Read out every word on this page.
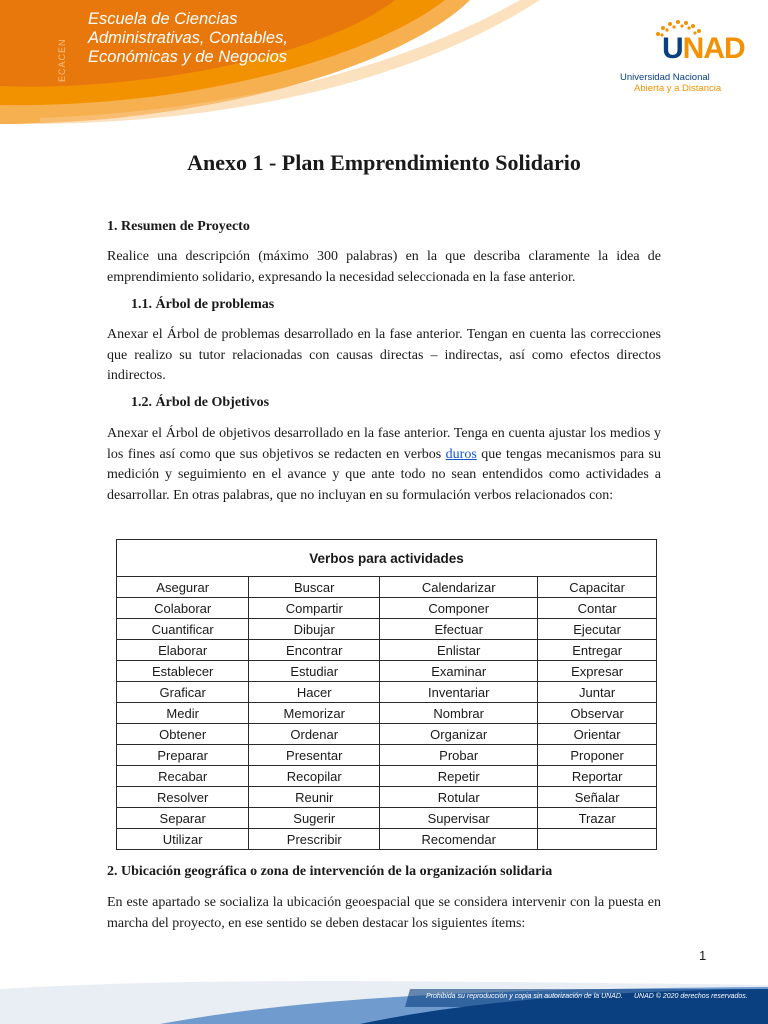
ECACEN
Escuela de Ciencias
Administrativas, Contables,
Económicas y de Negocios	UNAD
Universidad Nacional
Abierta y a Distancia
Anexo 1 - Plan Emprendimiento Solidario
1. Resumen de Proyecto
Realice una descripción (máximo 300 palabras) en la que describa claramente la idea de emprendimiento solidario, expresando la necesidad seleccionada en la fase anterior.
1.1. Árbol de problemas
Anexar el Árbol de problemas desarrollado en la fase anterior. Tengan en cuenta las correcciones que realizo su tutor relacionadas con causas directas – indirectas, así como efectos directos indirectos.
1.2. Árbol de Objetivos
Anexar el Árbol de objetivos desarrollado en la fase anterior. Tenga en cuenta ajustar los medios y los fines así como que sus objetivos se redacten en verbos duros que tengas mecanismos para su medición y seguimiento en el avance y que ante todo no sean entendidos como actividades a desarrollar. En otras palabras, que no incluyan en su formulación verbos relacionados con:
Verbos para actividades			
Asegurar	Buscar	Calendarizar	Capacitar
Colaborar	Compartir	Componer	Contar
Cuantificar	Dibujar	Efectuar	Ejecutar
Elaborar	Encontrar	Enlistar	Entregar
Establecer	Estudiar	Examinar	Expresar
Graficar	Hacer	Inventariar	Juntar
Medir	Memorizar	Nombrar	Observar
Obtener	Ordenar	Organizar	Orientar
Preparar	Presentar	Probar	Proponer
Recabar	Recopilar	Repetir	Reportar
Resolver	Reunir	Rotular	Señalar
Separar	Sugerir	Supervisar	Trazar
Utilizar	Prescribir	Recomendar	
2. Ubicación geográfica o zona de intervención de la organización solidaria
En este apartado se socializa la ubicación geoespacial que se considera intervenir con la puesta en marcha del proyecto, en ese sentido se deben destacar los siguientes ítems:
1
Prohibida su reproducción y copia sin autorización de la UNAD. UNAD © 2020 derechos reservados.
